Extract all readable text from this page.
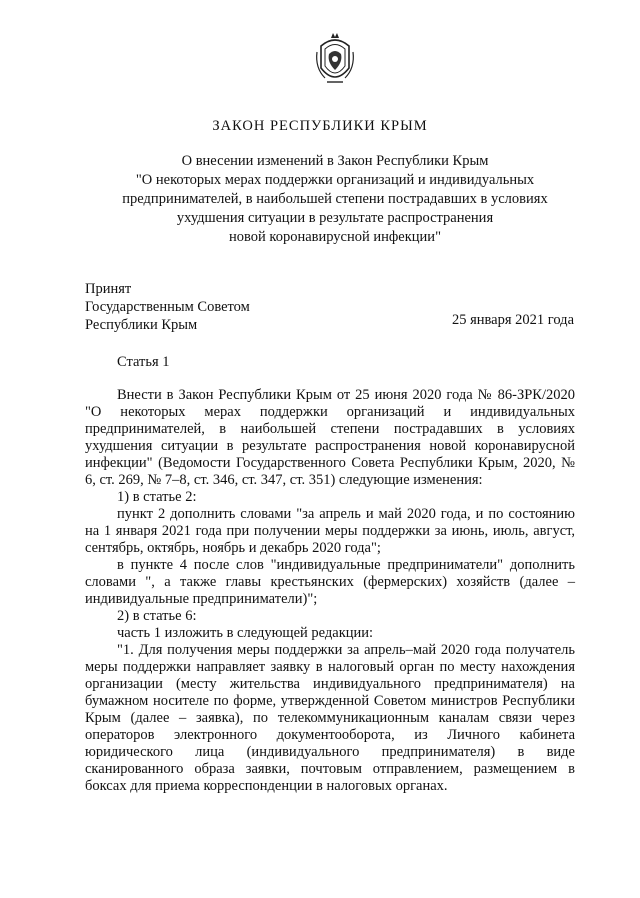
ЗАКОН РЕСПУБЛИКИ КРЫМ
О внесении изменений в Закон Республики Крым
"О некоторых мерах поддержки организаций и индивидуальных
предпринимателей, в наибольшей степени пострадавших в условиях
ухудшения ситуации в результате распространения
новой коронавирусной инфекции"
Принят
Государственным Советом
Республики Крым	25 января 2021 года
Статья 1

Внести в Закон Республики Крым от 25 июня 2020 года № 86-ЗРК/2020 "О некоторых мерах поддержки организаций и индивидуальных предпринимателей, в наибольшей степени пострадавших в условиях ухудшения ситуации в результате распространения новой коронавирусной инфекции" (Ведомости Государственного Совета Республики Крым, 2020, № 6, ст. 269, № 7–8, ст. 346, ст. 347, ст. 351) следующие изменения:

1) в статье 2:

пункт 2 дополнить словами "за апрель и май 2020 года, и по состоянию на 1 января 2021 года при получении меры поддержки за июнь, июль, август, сентябрь, октябрь, ноябрь и декабрь 2020 года";

в пункте 4 после слов "индивидуальные предприниматели" дополнить словами ", а также главы крестьянских (фермерских) хозяйств (далее – индивидуальные предприниматели)";

2) в статье 6:

часть 1 изложить в следующей редакции:

"1. Для получения меры поддержки за апрель–май 2020 года получатель меры поддержки направляет заявку в налоговый орган по месту нахождения организации (месту жительства индивидуального предпринимателя) на бумажном носителе по форме, утвержденной Советом министров Республики Крым (далее – заявка), по телекоммуникационным каналам связи через операторов электронного документооборота, из Личного кабинета юридического лица (индивидуального предпринимателя) в виде сканированного образа заявки, почтовым отправлением, размещением в боксах для приема корреспонденции в налоговых органах.
